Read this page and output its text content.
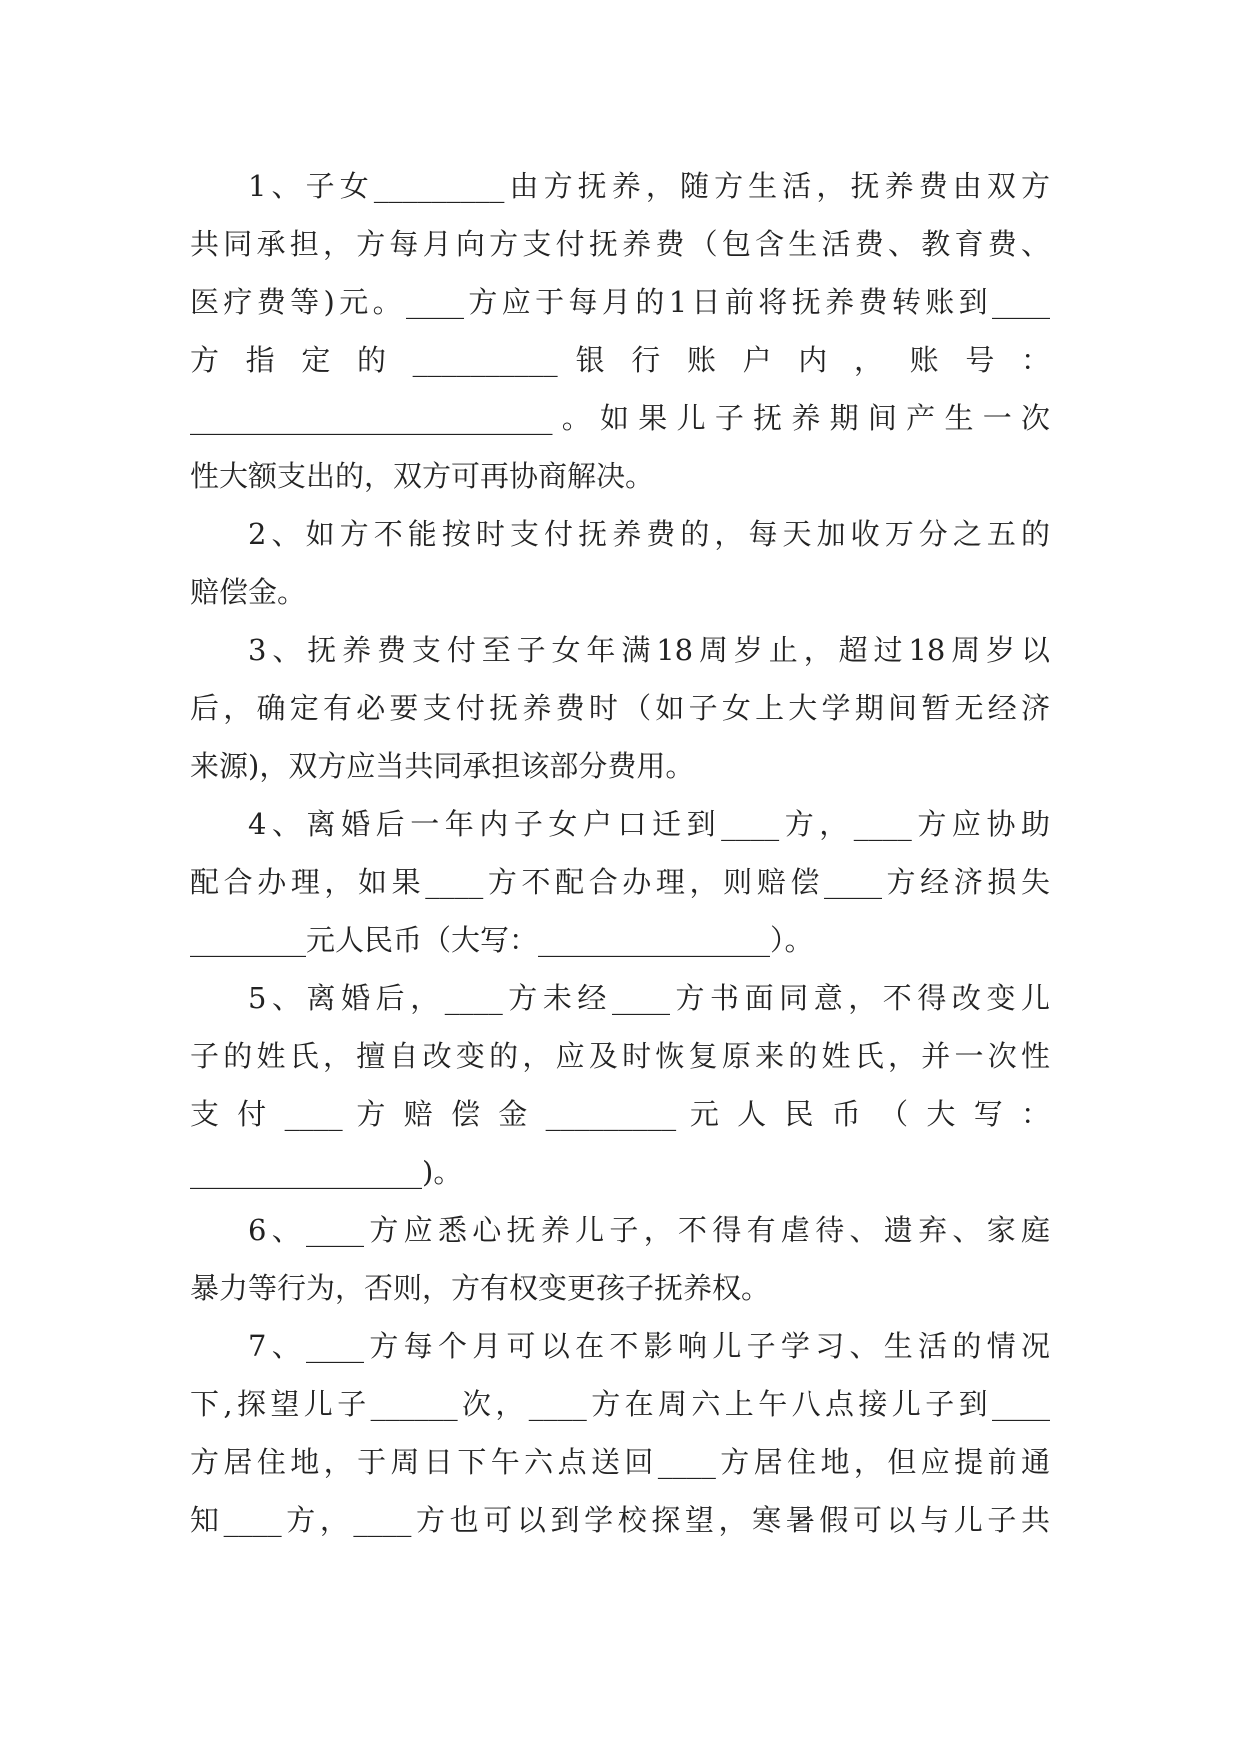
1、子女_________由方抚养，随方生活，抚养费由双方
共同承担，方每月向方支付抚养费（包含生活费、教育费、
医疗费等)元。____方应于每月的1日前将抚养费转账到____
方 指 定 的 __________ 银 行 账 户 内 ， 账 号 ：
_________________________。如果儿子抚养期间产生一次
性大额支出的，双方可再协商解决。
2、如方不能按时支付抚养费的，每天加收万分之五的
赔偿金。
3、抚养费支付至子女年满18周岁止，超过18周岁以
后，确定有必要支付抚养费时（如子女上大学期间暂无经济
来源)，双方应当共同承担该部分费用。
4、离婚后一年内子女户口迁到____方，____方应协助
配合办理，如果____方不配合办理，则赔偿____方经济损失
________元人民币（大写：________________）。
5、离婚后，____方未经____方书面同意，不得改变儿
子的姓氏，擅自改变的，应及时恢复原来的姓氏，并一次性
支 付 ____ 方 赔 偿 金 _________ 元 人 民 币 （ 大 写 ：
________________)。
6、____方应悉心抚养儿子，不得有虐待、遗弃、家庭
暴力等行为，否则，方有权变更孩子抚养权。
7、____方每个月可以在不影响儿子学习、生活的情况
下,探望儿子______次，____方在周六上午八点接儿子到____
方居住地，于周日下午六点送回____方居住地，但应提前通
知____方，____方也可以到学校探望，寒暑假可以与儿子共
